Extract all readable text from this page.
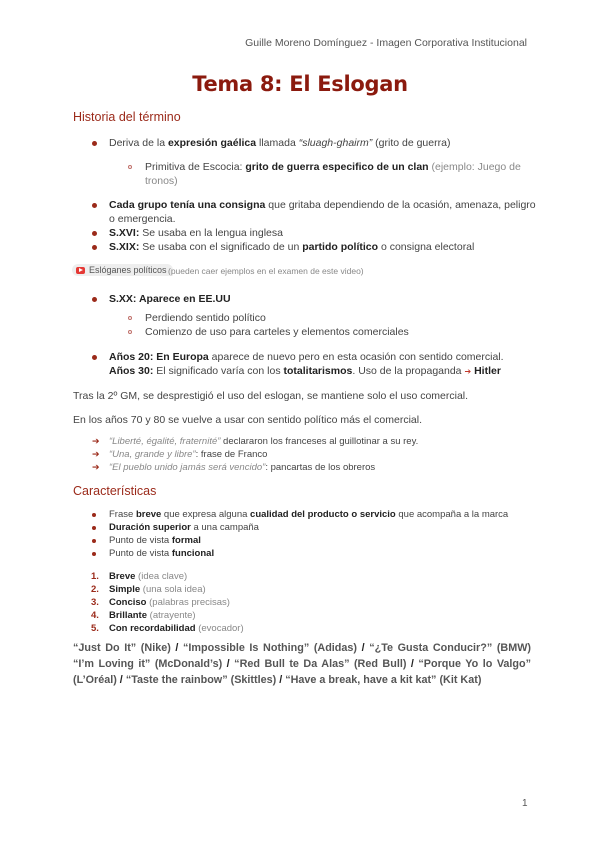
Guille Moreno Domínguez - Imagen Corporativa Institucional
Tema 8: El Eslogan
Historia del término
Deriva de la expresión gaélica llamada “sluagh-ghairm” (grito de guerra)
Primitiva de Escocia: grito de guerra especifico de un clan (ejemplo: Juego de tronos)
Cada grupo tenía una consigna que gritaba dependiendo de la ocasión, amenaza, peligro o emergencia.
S.XVI: Se usaba en la lengua inglesa
S.XIX: Se usaba con el significado de un partido político o consigna electoral
Eslóganes políticos (pueden caer ejemplos en el examen de este video)
S.XX: Aparece en EE.UU
Perdiendo sentido político
Comienzo de uso para carteles y elementos comerciales
Años 20: En Europa aparece de nuevo pero en esta ocasión con sentido comercial.
Años 30: El significado varía con los totalitarismos. Uso de la propaganda ➔ Hitler
Tras la 2º GM, se desprestigió el uso del eslogan, se mantiene solo el uso comercial.
En los años 70 y 80 se vuelve a usar con sentido político más el comercial.
➔ “Liberté, égalité, fraternité” declararon los franceses al guillotinar a su rey.
➔ “Una, grande y libre”: frase de Franco
➔ “El pueblo unido jamás será vencido”: pancartas de los obreros
Características
Frase breve que expresa alguna cualidad del producto o servicio que acompaña a la marca
Duración superior a una campaña
Punto de vista formal
Punto de vista funcional
1. Breve (idea clave)
2. Simple (una sola idea)
3. Conciso (palabras precisas)
4. Brillante (atrayente)
5. Con recordabilidad (evocador)
“Just Do It” (Nike) / “Impossible Is Nothing” (Adidas) / “¿Te Gusta Conducir?” (BMW) “I’m Loving it” (McDonald’s) / “Red Bull te Da Alas” (Red Bull) / “Porque Yo lo Valgo” (L’Oréal) / “Taste the rainbow” (Skittles) / “Have a break, have a kit kat” (Kit Kat)
1
